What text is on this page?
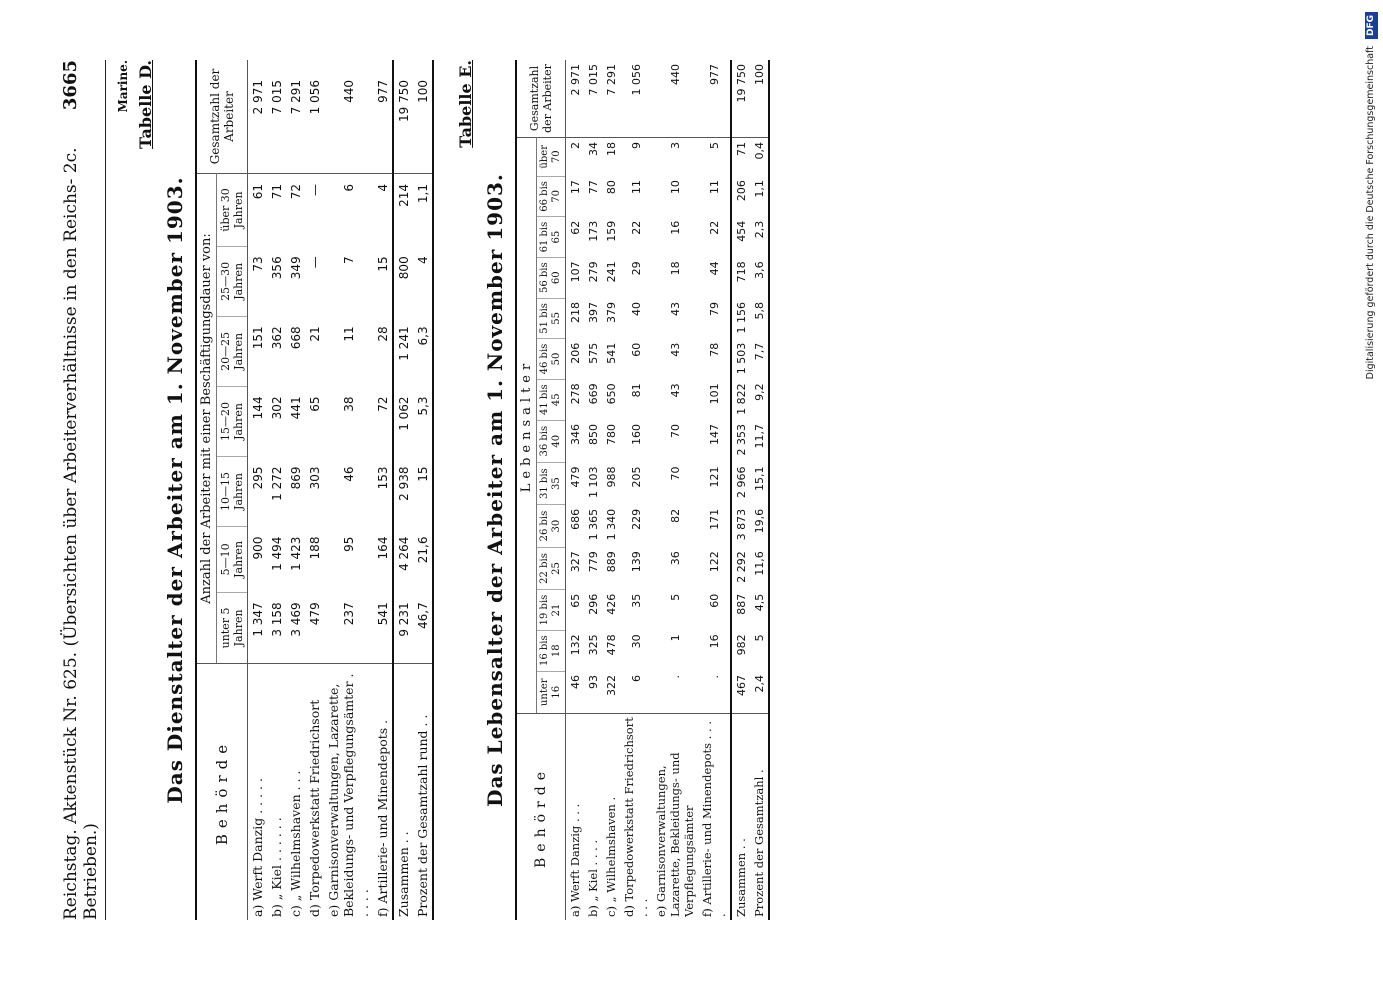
Reichstag. Aktenstück Nr. 625. (Übersichten über Arbeiterverhältnisse in den Reichs- 2c. Betrieben.)
3665	Marine. Tabelle D.
Das Dienstalter der Arbeiter am 1. November 1903. Behörde	Anzahl der Arbeiter mit einer Beschäftigungsdauer von:							Gesamtzahl der Arbeiter
	unter 5 Jahren	5—10 Jahren	10—15 Jahren	15—20 Jahren	20—25 Jahren	25—30 Jahren	über 30 Jahren	
a) Werft Danzig . . . . .	1 347	900	295	144	151	73	61	2 971
b) „ Kiel . . . . . .	3 158	1 494	1 272	302	362	356	71	7 015
c) „ Wilhelmshaven . . .	3 469	1 423	869	441	668	349	72	7 291
d) Torpedowerkstatt Friedrichsort	479	188	303	65	21	—	—	1 056
e) Garnisonverwaltungen, Lazarette, Bekleidungs- und Verpflegungsämter . . . . .	237	95	46	38	11	7	6	440
f) Artillerie- und Minendepots .	541	164	153	72	28	15	4	977
Zusammen . .	9 231	4 264	2 938	1 062	1 241	800	214	19 750
Prozent der Gesamtzahl rund . .	46,7	21,6	15	5,3	6,3	4	1,1	100 Tabelle E.
Das Lebensalter der Arbeiter am 1. November 1903.
Behörde	Lebensalter														Gesamtzahl der Arbeiter
	unter 16	16 bis 18	19 bis 21	22 bis 25	26 bis 30	31 bis 35	36 bis 40	41 bis 45	46 bis 50	51 bis 55	56 bis 60	61 bis 65	66 bis 70	über 70	
a) Werft Danzig . . .	46	132	65	327	686	479	346	278	206	218	107	62	17	2	2 971
b) „ Kiel . . . .	93	325	296	779	1 365	1 103	850	669	575	397	279	173	77	34	7 015
c) „ Wilhelmshaven .	322	478	426	889	1 340	988	780	650	541	379	241	159	80	18	7 291
d) Torpedowerkstatt Friedrichsort . . .	6	30	35	139	229	205	160	81	60	40	29	22	11	9	1 056
e) Garnisonverwaltungen, Lazarette, Bekleidungs- und Verpflegungsämter	.	1	5	36	82	70	70	43	43	43	18	16	10	3	440
f) Artillerie- und Minendepots . . . .	.	16	60	122	171	121	147	101	78	79	44	22	11	5	977
Zusammen . .	467	982	887	2 292	3 873	2 966	2 353	1 822	1 503	1 156	718	454	206	71	19 750
Prozent der Gesamtzahl .	2,4	5	4,5	11,6	19,6	15,1	11,7	9,2	7,7	5,8	3,6	2,3	1,1	0,4	100	Digitalisierung gefördert durch die Deutsche Forschungsgemeinschaft DFG
